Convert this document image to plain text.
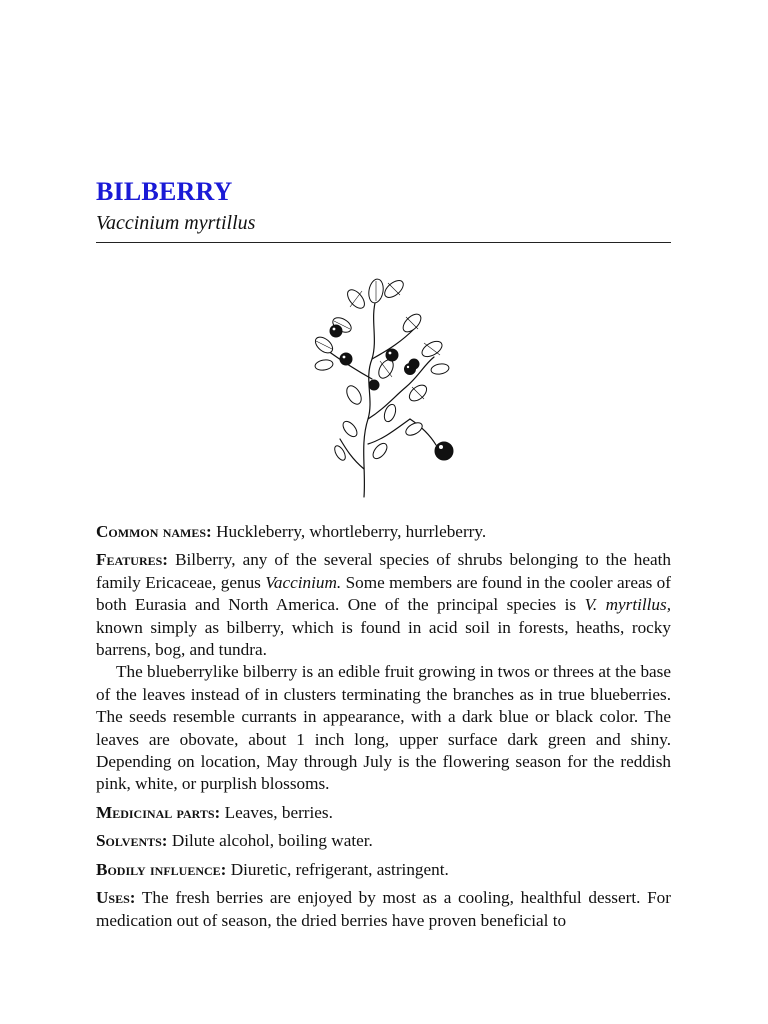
BILBERRY
Vaccinium myrtillus

Common names: Huckleberry, whortleberry, hurrleberry.

Features: Bilberry, any of the several species of shrubs belonging to the heath family Ericaceae, genus Vaccinium. Some members are found in the cooler areas of both Eurasia and North America. One of the principal species is V. myrtillus, known simply as bilberry, which is found in acid soil in forests, heaths, rocky barrens, bog, and tundra.

The blueberrylike bilberry is an edible fruit growing in twos or threes at the base of the leaves instead of in clusters terminating the branches as in true blueberries. The seeds resemble currants in appearance, with a dark blue or black color. The leaves are obovate, about 1 inch long, upper surface dark green and shiny. Depending on location, May through July is the flowering season for the reddish pink, white, or purplish blossoms.

Medicinal parts: Leaves, berries.

Solvents: Dilute alcohol, boiling water.

Bodily influence: Diuretic, refrigerant, astringent.

Uses: The fresh berries are enjoyed by most as a cooling, healthful dessert. For medication out of season, the dried berries have proven beneficial to
